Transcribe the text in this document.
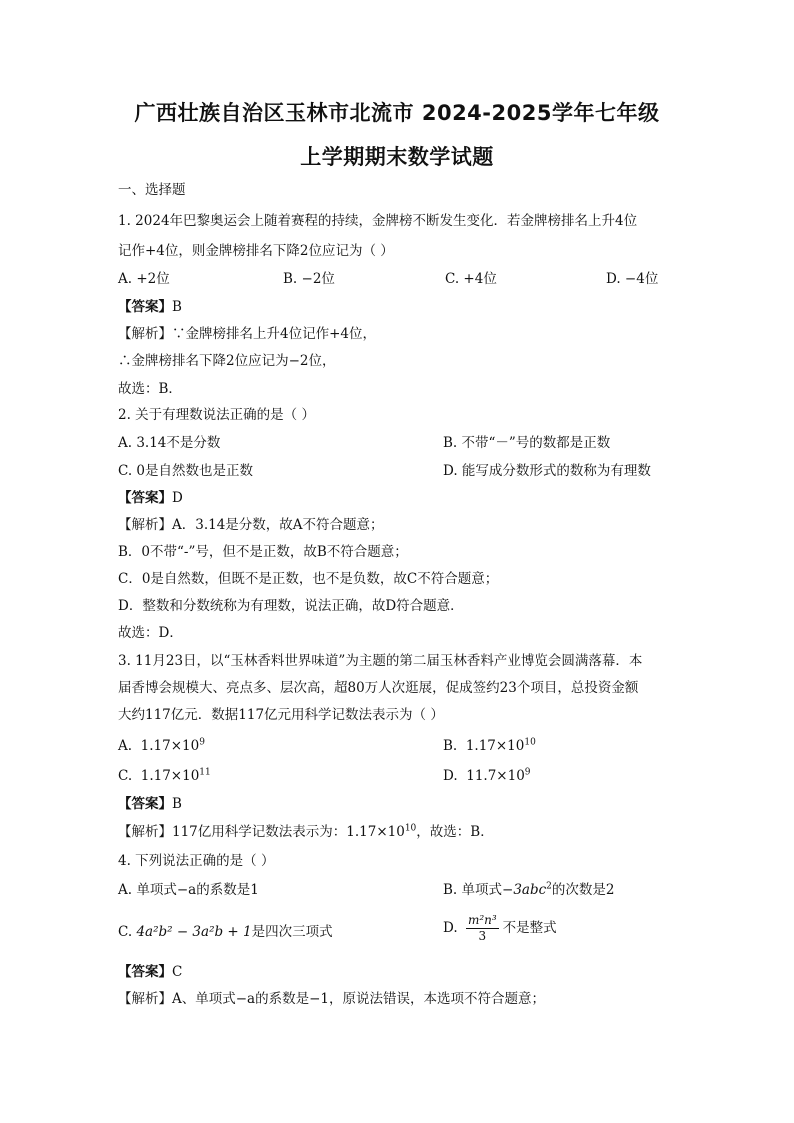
广西壮族自治区玉林市北流市 2024-2025学年七年级
上学期期末数学试题
一、选择题
1. 2024年巴黎奥运会上随着赛程的持续，金牌榜不断发生变化．若金牌榜排名上升4位
记作+4位，则金牌榜排名下降2位应记为（ ）
A. +2位	B. −2位	C. +4位	D. −4位
【答案】B
【解析】∵金牌榜排名上升4位记作+4位，
∴金牌榜排名下降2位应记为−2位，
故选：B．
2. 关于有理数说法正确的是（ ）
A. 3.14不是分数	B. 不带“－”号的数都是正数
C. 0是自然数也是正数	D. 能写成分数形式的数称为有理数
【答案】D
【解析】A．3.14是分数，故A不符合题意；
B．0不带“-”号，但不是正数，故B不符合题意；
C．0是自然数，但既不是正数，也不是负数，故C不符合题意；
D．整数和分数统称为有理数，说法正确，故D符合题意．
故选：D．
3. 11月23日，以“玉林香料世界味道”为主题的第二届玉林香料产业博览会圆满落幕．本
届香博会规模大、亮点多、层次高，超80万人次逛展，促成签约23个项目，总投资金额
大约117亿元．数据117亿元用科学记数法表示为（ ）
A. $1.17\times 10^9$	B. $1.17\times 10^{10}$
C. $1.17\times 10^{11}$	D. $11.7\times 10^9$
【答案】B
【解析】117亿用科学记数法表示为：$1.17\times 10^{10}$，故选：B．
4. 下列说法正确的是（ ）
A. 单项式−a的系数是1	B. 单项式−3abc$^2$的次数是2
C. 4a²b² − 3a²b + 1是四次三项式	D. $\frac{\text{m²n³}}{3}$ 不是整式
【答案】C
【解析】A、单项式−a的系数是−1，原说法错误，本选项不符合题意；
